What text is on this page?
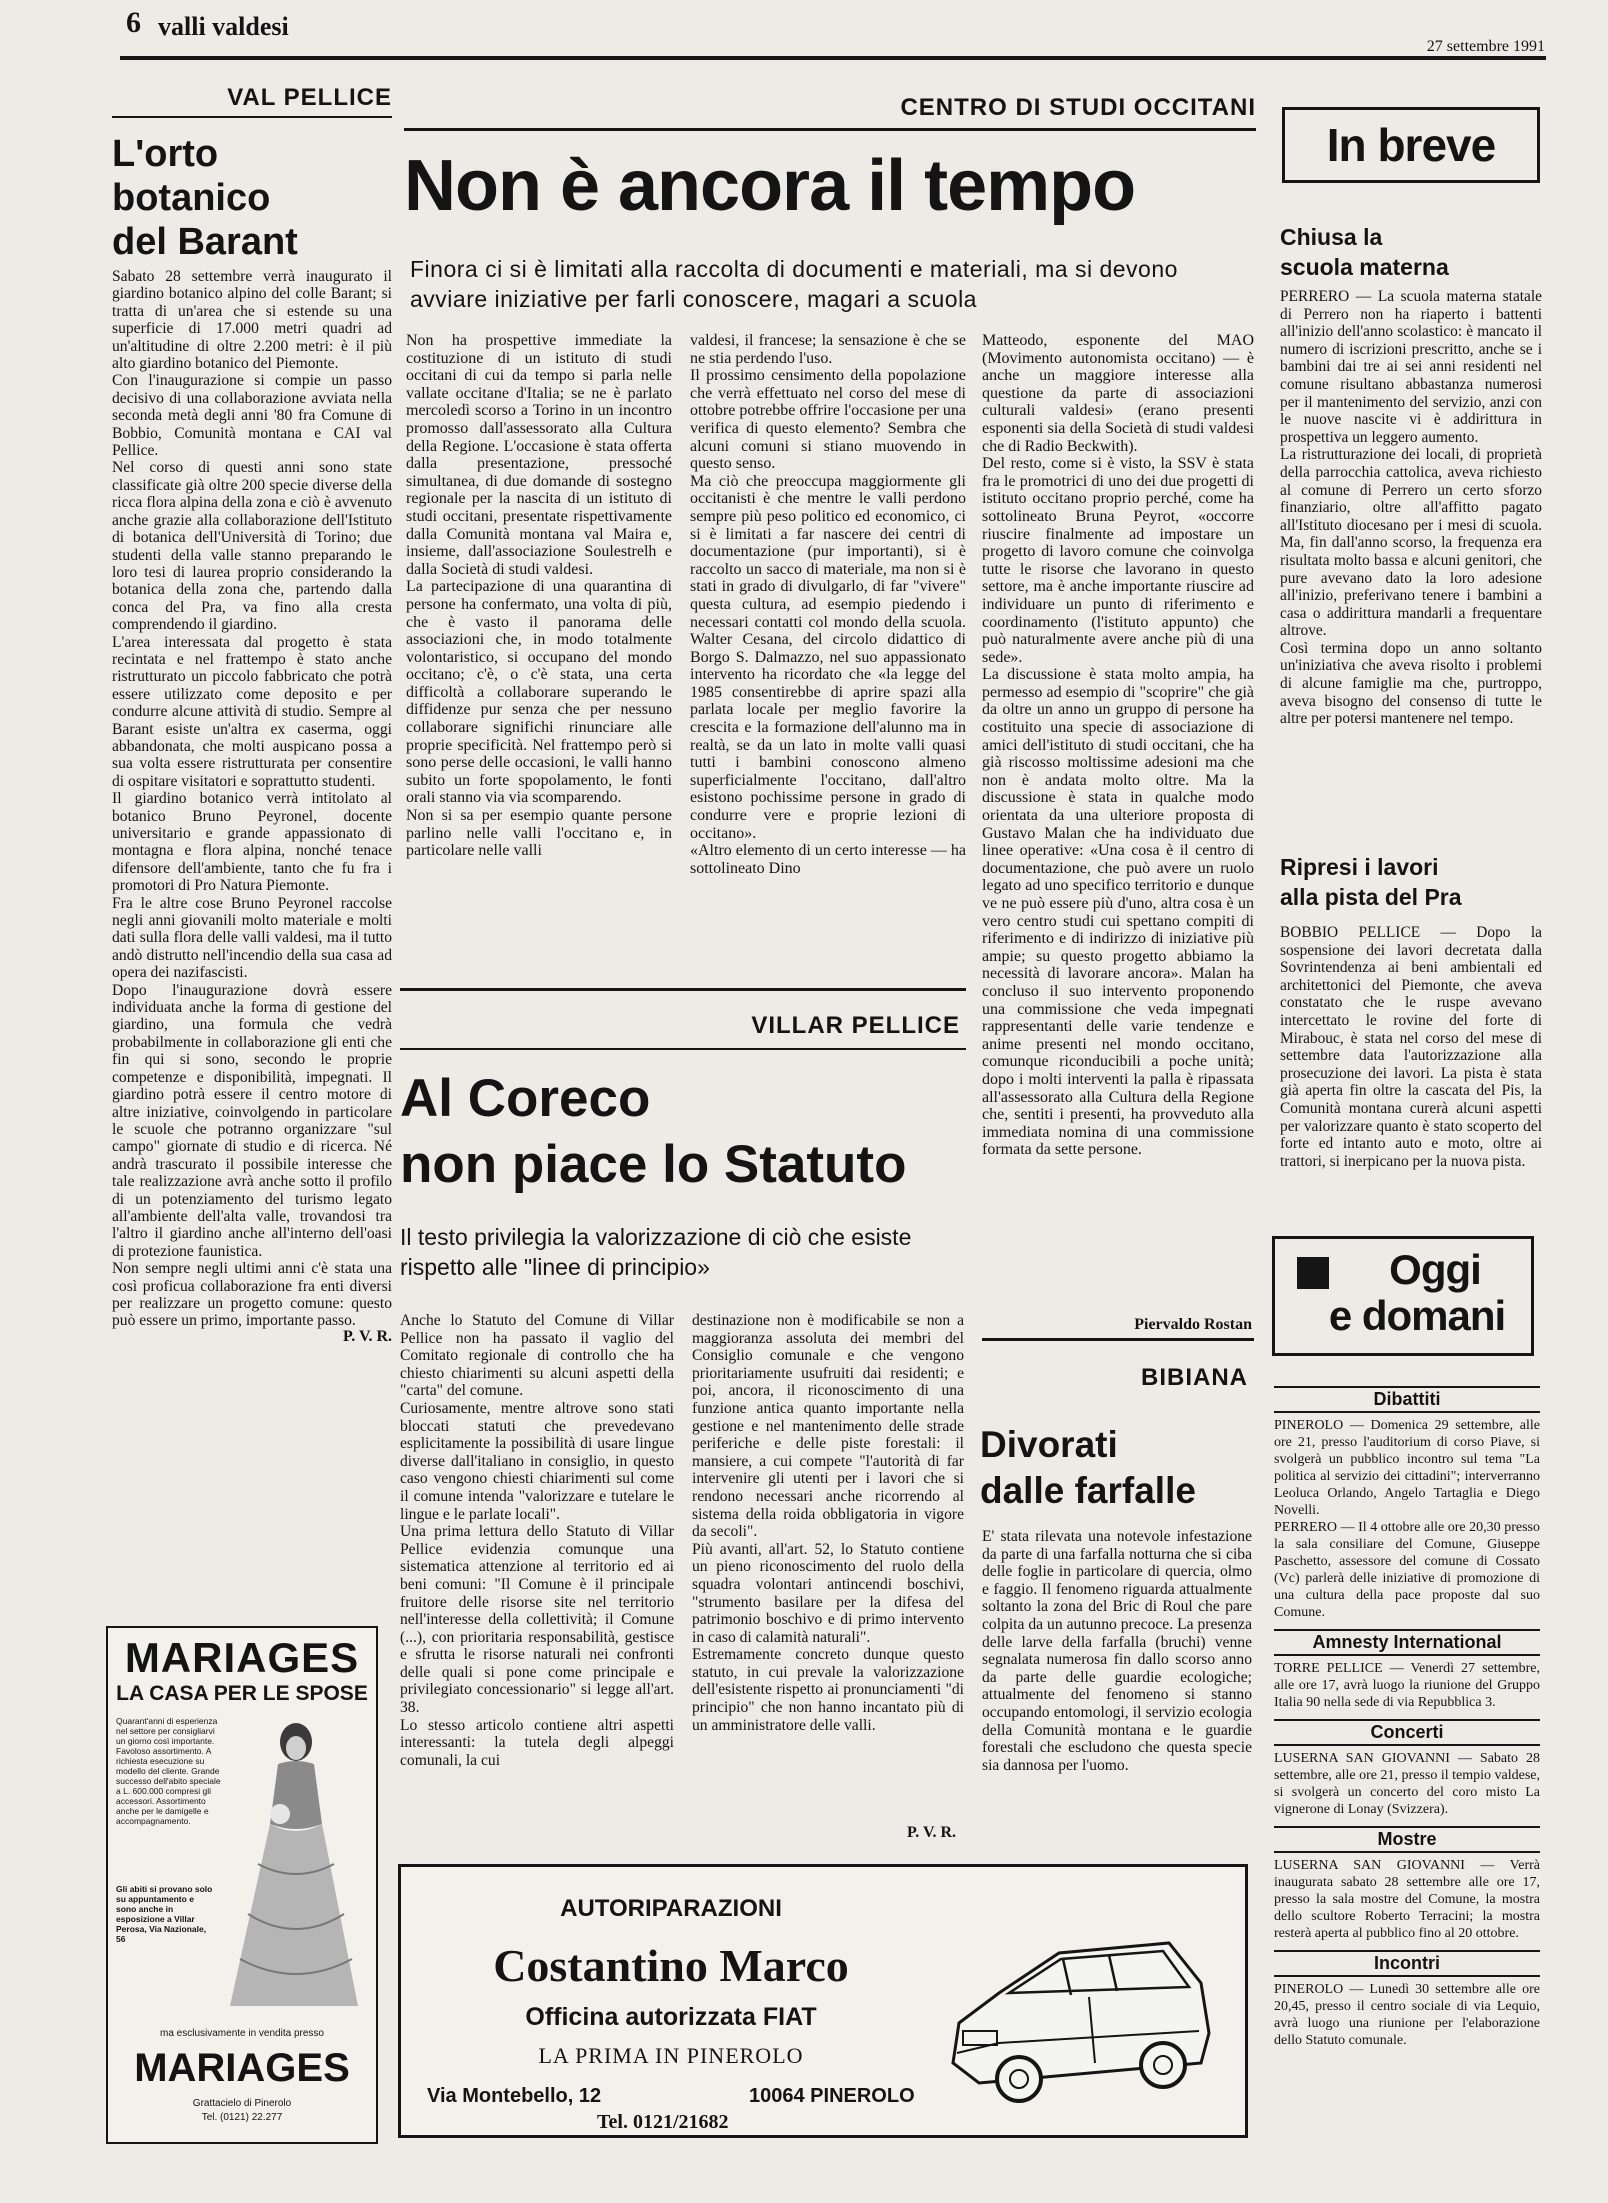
6 valli valdesi
27 settembre 1991
VAL PELLICE
L'orto
botanico
del Barant

Sabato 28 settembre verrà inaugurato il giardino botanico alpino del colle Barant; si tratta di un'area che si estende su una superficie di 17.000 metri quadri ad un'altitudine di oltre 2.200 metri: è il più alto giardino botanico del Piemonte.
Con l'inaugurazione si compie un passo decisivo di una collaborazione avviata nella seconda metà degli anni '80 fra Comune di Bobbio, Comunità montana e CAI val Pellice.
Nel corso di questi anni sono state classificate già oltre 200 specie diverse della ricca flora alpina della zona e ciò è avvenuto anche grazie alla collaborazione dell'Istituto di botanica dell'Università di Torino; due studenti della valle stanno preparando le loro tesi di laurea proprio considerando la botanica della zona che, partendo dalla conca del Pra, va fino alla cresta comprendendo il giardino.
L'area interessata dal progetto è stata recintata e nel frattempo è stato anche ristrutturato un piccolo fabbricato che potrà essere utilizzato come deposito e per condurre alcune attività di studio. Sempre al Barant esiste un'altra ex caserma, oggi abbandonata, che molti auspicano possa a sua volta essere ristrutturata per consentire di ospitare visitatori e soprattutto studenti.
Il giardino botanico verrà intitolato al botanico Bruno Peyronel, docente universitario e grande appassionato di montagna e flora alpina, nonché tenace difensore dell'ambiente, tanto che fu fra i promotori di Pro Natura Piemonte.
Fra le altre cose Bruno Peyronel raccolse negli anni giovanili molto materiale e molti dati sulla flora delle valli valdesi, ma il tutto andò distrutto nell'incendio della sua casa ad opera dei nazifascisti.
Dopo l'inaugurazione dovrà essere individuata anche la forma di gestione del giardino, una formula che vedrà probabilmente in collaborazione gli enti che fin qui si sono, secondo le proprie competenze e disponibilità, impegnati. Il giardino potrà essere il centro motore di altre iniziative, coinvolgendo in particolare le scuole che potranno organizzare "sul campo" giornate di studio e di ricerca. Né andrà trascurato il possibile interesse che tale realizzazione avrà anche sotto il profilo di un potenziamento del turismo legato all'ambiente dell'alta valle, trovandosi tra l'altro il giardino anche all'interno dell'oasi di protezione faunistica.
Non sempre negli ultimi anni c'è stata una così proficua collaborazione fra enti diversi per realizzare un progetto comune: questo può essere un primo, importante passo.

P. V. R.
MARIAGES
LA CASA PER LE SPOSE
Quarant'anni di esperienza nel settore per consigliarvi un giorno così importante. Favoloso assortimento. A richiesta esecuzione su modello del cliente. Grande successo dell'abito speciale a L. 600.000 compresi gli accessori. Assortimento anche per le damigelle e accompagnamento.
Gli abiti si provano solo su appuntamento e sono anche in esposizione a Villar Perosa, Via Nazionale, 56
ma esclusivamente in vendita presso
MARIAGES
Grattacielo di Pinerolo
Tel. (0121) 22.277
CENTRO DI STUDI OCCITANI
Non è ancora il tempo
Finora ci si è limitati alla raccolta di documenti e materiali, ma si devono avviare iniziative per farli conoscere, magari a scuola

Non ha prospettive immediate la costituzione di un istituto di studi occitani di cui da tempo si parla nelle vallate occitane d'Italia; se ne è parlato mercoledì scorso a Torino in un incontro promosso dall'assessorato alla Cultura della Regione. L'occasione è stata offerta dalla presentazione, pressoché simultanea, di due domande di sostegno regionale per la nascita di un istituto di studi occitani, presentate rispettivamente dalla Comunità montana val Maira e, insieme, dall'associazione Soulestrelh e dalla Società di studi valdesi.
La partecipazione di una quarantina di persone ha confermato, una volta di più, che è vasto il panorama delle associazioni che, in modo totalmente volontaristico, si occupano del mondo occitano; c'è, o c'è stata, una certa difficoltà a collaborare superando le diffidenze pur senza che per nessuno collaborare significhi rinunciare alle proprie specificità. Nel frattempo però si sono perse delle occasioni, le valli hanno subito un forte spopolamento, le fonti orali stanno via via scomparendo.
Non si sa per esempio quante persone parlino nelle valli l'occitano e, in particolare nelle valli

valdesi, il francese; la sensazione è che se ne stia perdendo l'uso.
Il prossimo censimento della popolazione che verrà effettuato nel corso del mese di ottobre potrebbe offrire l'occasione per una verifica di questo elemento? Sembra che alcuni comuni si stiano muovendo in questo senso.
Ma ciò che preoccupa maggiormente gli occitanisti è che mentre le valli perdono sempre più peso politico ed economico, ci si è limitati a far nascere dei centri di documentazione (pur importanti), si è raccolto un sacco di materiale, ma non si è stati in grado di divulgarlo, di far "vivere" questa cultura, ad esempio piedendo i necessari contatti col mondo della scuola. Walter Cesana, del circolo didattico di Borgo S. Dalmazzo, nel suo appassionato intervento ha ricordato che «la legge del 1985 consentirebbe di aprire spazi alla parlata locale per meglio favorire la crescita e la formazione dell'alunno ma in realtà, se da un lato in molte valli quasi tutti i bambini conoscono almeno superficialmente l'occitano, dall'altro esistono pochissime persone in grado di condurre vere e proprie lezioni di occitano».
«Altro elemento di un certo interesse — ha sottolineato Dino

Matteodo, esponente del MAO (Movimento autonomista occitano) — è anche un maggiore interesse alla questione da parte di associazioni culturali valdesi» (erano presenti esponenti sia della Società di studi valdesi che di Radio Beckwith).
Del resto, come si è visto, la SSV è stata fra le promotrici di uno dei due progetti di istituto occitano proprio perché, come ha sottolineato Bruna Peyrot, «occorre riuscire finalmente ad impostare un progetto di lavoro comune che coinvolga tutte le risorse che lavorano in questo settore, ma è anche importante riuscire ad individuare un punto di riferimento e coordinamento (l'istituto appunto) che può naturalmente avere anche più di una sede».
La discussione è stata molto ampia, ha permesso ad esempio di "scoprire" che già da oltre un anno un gruppo di persone ha costituito una specie di associazione di amici dell'istituto di studi occitani, che ha già riscosso moltissime adesioni ma che non è andata molto oltre. Ma la discussione è stata in qualche modo orientata da una ulteriore proposta di Gustavo Malan che ha individuato due linee operative: «Una cosa è il centro di documentazione, che può avere un ruolo legato ad uno specifico territorio e dunque ve ne può essere più d'uno, altra cosa è un vero centro studi cui spettano compiti di riferimento e di indirizzo di iniziative più ampie; su questo progetto abbiamo la necessità di lavorare ancora». Malan ha concluso il suo intervento proponendo una commissione che veda impegnati rappresentanti delle varie tendenze e anime presenti nel mondo occitano, comunque riconducibili a poche unità; dopo i molti interventi la palla è ripassata all'assessorato alla Cultura della Regione che, sentiti i presenti, ha provveduto alla immediata nomina di una commissione formata da sette persone.

Piervaldo Rostan
VILLAR PELLICE
Al Coreco
non piace lo Statuto
Il testo privilegia la valorizzazione di ciò che esiste rispetto alle "linee di principio»

Anche lo Statuto del Comune di Villar Pellice non ha passato il vaglio del Comitato regionale di controllo che ha chiesto chiarimenti su alcuni aspetti della "carta" del comune.
Curiosamente, mentre altrove sono stati bloccati statuti che prevedevano esplicitamente la possibilità di usare lingue diverse dall'italiano in consiglio, in questo caso vengono chiesti chiarimenti sul come il comune intenda "valorizzare e tutelare le lingue e le parlate locali".
Una prima lettura dello Statuto di Villar Pellice evidenzia comunque una sistematica attenzione al territorio ed ai beni comuni: "Il Comune è il principale fruitore delle risorse site nel territorio nell'interesse della collettività; il Comune (...), con prioritaria responsabilità, gestisce e sfrutta le risorse naturali nei confronti delle quali si pone come principale e privilegiato concessionario" si legge all'art. 38.
Lo stesso articolo contiene altri aspetti interessanti: la tutela degli alpeggi comunali, la cui

destinazione non è modificabile se non a maggioranza assoluta dei membri del Consiglio comunale e che vengono prioritariamente usufruiti dai residenti; e poi, ancora, il riconoscimento di una funzione antica quanto importante nella gestione e nel mantenimento delle strade periferiche e delle piste forestali: il mansiere, a cui compete "l'autorità di far intervenire gli utenti per i lavori che si rendono necessari anche ricorrendo al sistema della roida obbligatoria in vigore da secoli".
Più avanti, all'art. 52, lo Statuto contiene un pieno riconoscimento del ruolo della squadra volontari antincendi boschivi, "strumento basilare per la difesa del patrimonio boschivo e di primo intervento in caso di calamità naturali".
Estremamente concreto dunque questo statuto, in cui prevale la valorizzazione dell'esistente rispetto ai pronunciamenti "di principio" che non hanno incantato più di un amministratore delle valli.

P. V. R.
BIBIANA
Divorati
dalle farfalle

E' stata rilevata una notevole infestazione da parte di una farfalla notturna che si ciba delle foglie in particolare di quercia, olmo e faggio. Il fenomeno riguarda attualmente soltanto la zona del Bric di Roul che pare colpita da un autunno precoce. La presenza delle larve della farfalla (bruchi) venne segnalata numerosa fin dallo scorso anno da parte delle guardie ecologiche; attualmente del fenomeno si stanno occupando entomologi, il servizio ecologia della Comunità montana e le guardie forestali che escludono che questa specie sia dannosa per l'uomo.

In breve
Chiusa la
scuola materna

PERRERO — La scuola materna statale di Perrero non ha riaperto i battenti all'inizio dell'anno scolastico: è mancato il numero di iscrizioni prescritto, anche se i bambini dai tre ai sei anni residenti nel comune risultano abbastanza numerosi per il mantenimento del servizio, anzi con le nuove nascite vi è addirittura in prospettiva un leggero aumento.
La ristrutturazione dei locali, di proprietà della parrocchia cattolica, aveva richiesto al comune di Perrero un certo sforzo finanziario, oltre all'affitto pagato all'Istituto diocesano per i mesi di scuola. Ma, fin dall'anno scorso, la frequenza era risultata molto bassa e alcuni genitori, che pure avevano dato la loro adesione all'inizio, preferivano tenere i bambini a casa o addirittura mandarli a frequentare altrove.
Così termina dopo un anno soltanto un'iniziativa che aveva risolto i problemi di alcune famiglie ma che, purtroppo, aveva bisogno del consenso di tutte le altre per potersi mantenere nel tempo.

Ripresi i lavori
alla pista del Pra

BOBBIO PELLICE — Dopo la sospensione dei lavori decretata dalla Sovrintendenza ai beni ambientali ed architettonici del Piemonte, che aveva constatato che le ruspe avevano intercettato le rovine del forte di Mirabouc, è stata nel corso del mese di settembre data l'autorizzazione alla prosecuzione dei lavori. La pista è stata già aperta fin oltre la cascata del Pis, la Comunità montana curerà alcuni aspetti per valorizzare quanto è stato scoperto del forte ed intanto auto e moto, oltre ai trattori, si inerpicano per la nuova pista.

Oggi
e domani
Dibattiti

PINEROLO — Domenica 29 settembre, alle ore 21, presso l'auditorium di corso Piave, si svolgerà un pubblico incontro sul tema "La politica al servizio dei cittadini"; interverranno Leoluca Orlando, Angelo Tartaglia e Diego Novelli.
PERRERO — Il 4 ottobre alle ore 20,30 presso la sala consiliare del Comune, Giuseppe Paschetto, assessore del comune di Cossato (Vc) parlerà delle iniziative di promozione di una cultura della pace proposte dal suo Comune.

Amnesty International

TORRE PELLICE — Venerdì 27 settembre, alle ore 17, avrà luogo la riunione del Gruppo Italia 90 nella sede di via Repubblica 3.

Concerti

LUSERNA SAN GIOVANNI — Sabato 28 settembre, alle ore 21, presso il tempio valdese, si svolgerà un concerto del coro misto La vignerone di Lonay (Svizzera).

Mostre

LUSERNA SAN GIOVANNI — Verrà inaugurata sabato 28 settembre alle ore 17, presso la sala mostre del Comune, la mostra dello scultore Roberto Terracini; la mostra resterà aperta al pubblico fino al 20 ottobre.

Incontri

PINEROLO — Lunedì 30 settembre alle ore 20,45, presso il centro sociale di via Lequio, avrà luogo una riunione per l'elaborazione dello Statuto comunale.

AUTORIPARAZIONI
Costantino Marco
Officina autorizzata FIAT
LA PRIMA IN PINEROLO
Via Montebello, 12	10064 PINEROLO
Tel. 0121/21682
